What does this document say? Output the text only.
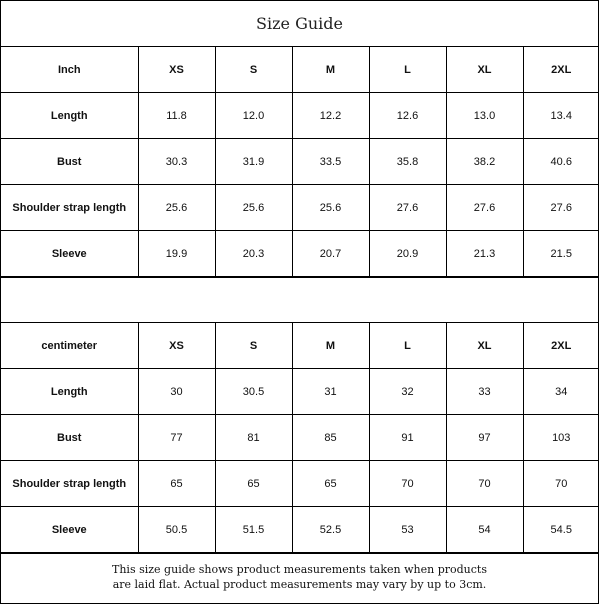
Size Guide
Inch	XS	S	M	L	XL	2XL
Length	11.8	12.0	12.2	12.6	13.0	13.4
Bust	30.3	31.9	33.5	35.8	38.2	40.6
Shoulder strap length	25.6	25.6	25.6	27.6	27.6	27.6
Sleeve	19.9	20.3	20.7	20.9	21.3	21.5
centimeter	XS	S	M	L	XL	2XL
Length	30	30.5	31	32	33	34
Bust	77	81	85	91	97	103
Shoulder strap length	65	65	65	70	70	70
Sleeve	50.5	51.5	52.5	53	54	54.5
This size guide shows product measurements taken when products
are laid flat. Actual product measurements may vary by up to 3cm.
